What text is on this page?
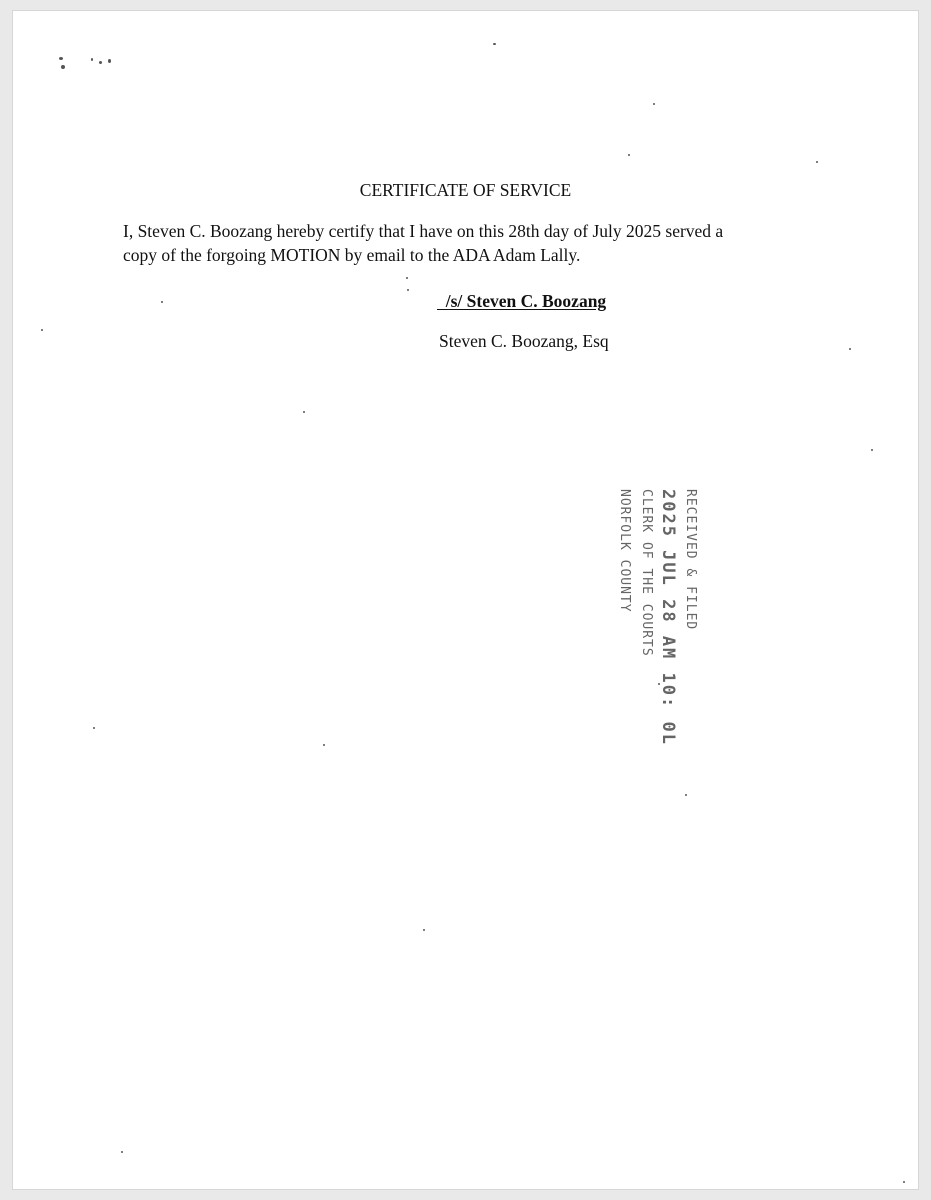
CERTIFICATE OF SERVICE
I, Steven C. Boozang hereby certify that I have on this 28th day of July 2025 served a
copy of the forgoing MOTION by email to the ADA Adam Lally.
/s/ Steven C. Boozang
Steven C. Boozang, Esq
RECEIVED & FILED
2025 JUL 28 AM 10: 0L
CLERK OF THE COURTS
NORFOLK COUNTY
